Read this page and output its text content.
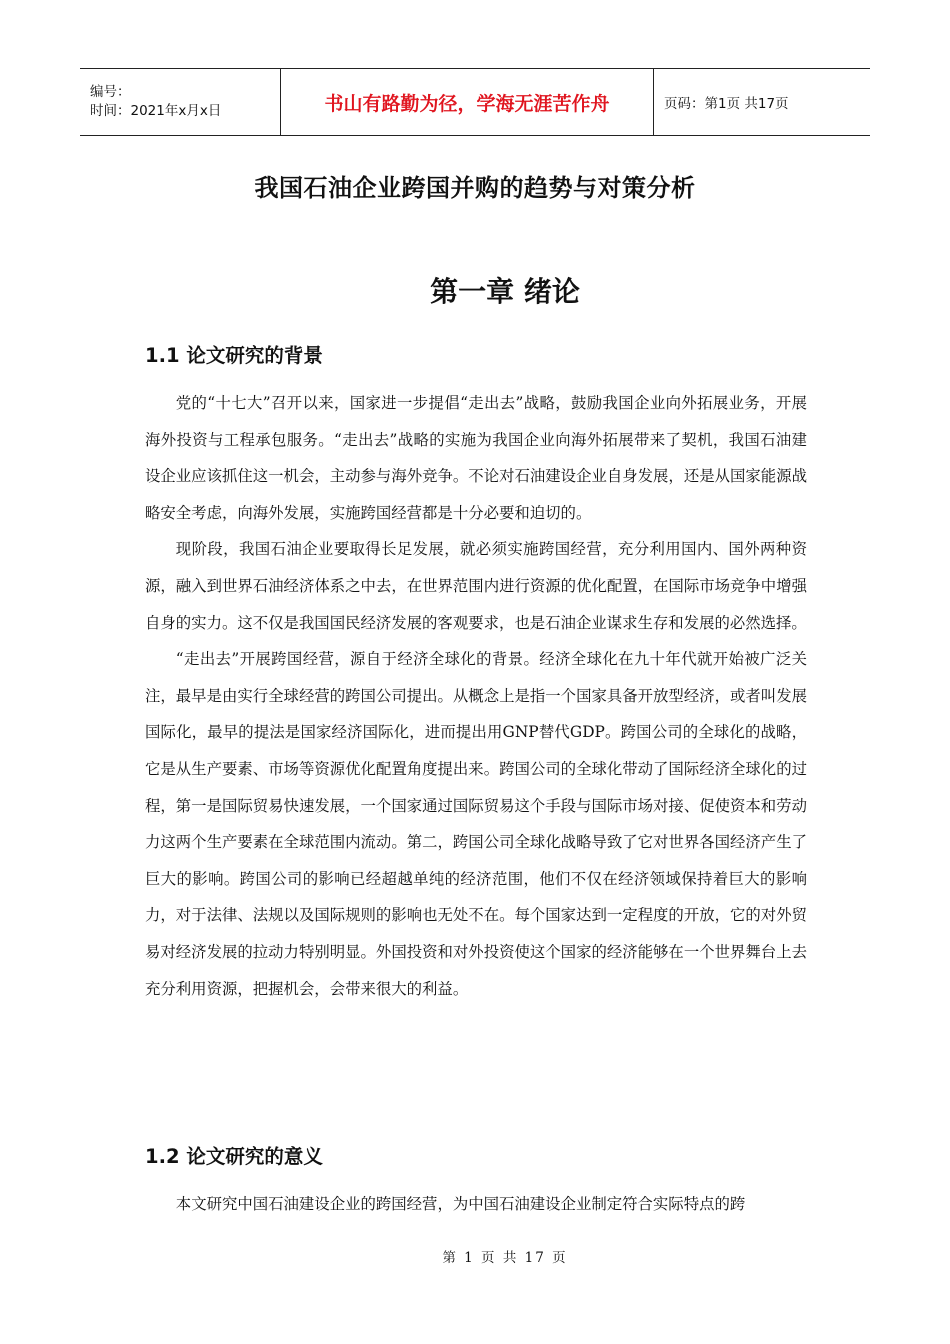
编号：
时间：2021年x月x日	书山有路勤为径，学海无涯苦作舟	页码：第1页 共17页
我国石油企业跨国并购的趋势与对策分析
第一章 绪论
1.1 论文研究的背景

党的“十七大”召开以来，国家进一步提倡“走出去”战略，鼓励我国企业向外拓展业务，开展海外投资与工程承包服务。“走出去”战略的实施为我国企业向海外拓展带来了契机，我国石油建设企业应该抓住这一机会，主动参与海外竞争。不论对石油建设企业自身发展，还是从国家能源战略安全考虑，向海外发展，实施跨国经营都是十分必要和迫切的。

现阶段，我国石油企业要取得长足发展，就必须实施跨国经营，充分利用国内、国外两种资源，融入到世界石油经济体系之中去，在世界范围内进行资源的优化配置，在国际市场竞争中增强自身的实力。这不仅是我国国民经济发展的客观要求，也是石油企业谋求生存和发展的必然选择。

“走出去”开展跨国经营，源自于经济全球化的背景。经济全球化在九十年代就开始被广泛关注，最早是由实行全球经营的跨国公司提出。从概念上是指一个国家具备开放型经济，或者叫发展国际化，最早的提法是国家经济国际化，进而提出用GNP替代GDP。跨国公司的全球化的战略，它是从生产要素、市场等资源优化配置角度提出来。跨国公司的全球化带动了国际经济全球化的过程，第一是国际贸易快速发展，一个国家通过国际贸易这个手段与国际市场对接、促使资本和劳动力这两个生产要素在全球范围内流动。第二，跨国公司全球化战略导致了它对世界各国经济产生了巨大的影响。跨国公司的影响已经超越单纯的经济范围，他们不仅在经济领域保持着巨大的影响力，对于法律、法规以及国际规则的影响也无处不在。每个国家达到一定程度的开放，它的对外贸易对经济发展的拉动力特别明显。外国投资和对外投资使这个国家的经济能够在一个世界舞台上去充分利用资源，把握机会，会带来很大的利益。

1.2 论文研究的意义

本文研究中国石油建设企业的跨国经营，为中国石油建设企业制定符合实际特点的跨

第 1 页 共 17 页
